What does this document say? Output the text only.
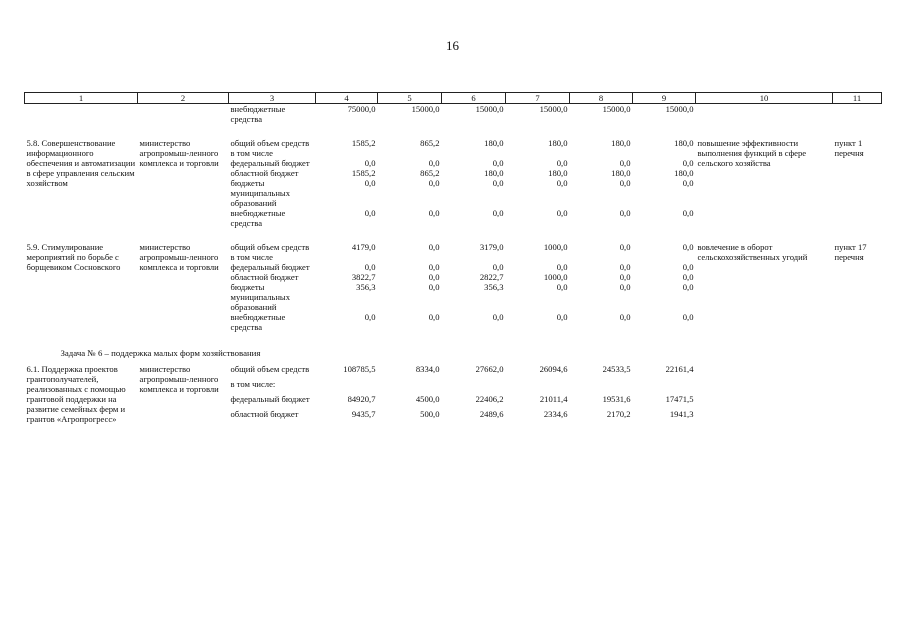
16
1	2	3	4	5	6	7	8	9	10	11
		внебюджетные средства	75000,0	15000,0	15000,0	15000,0	15000,0	15000,0		

5.8. Совершенствование информационного обеспечения и автоматизации в сфере управления сельским хозяйством	министерство агропромыш-ленного комплекса и торговли	общий объем средств	1585,2	865,2	180,0	180,0	180,0	180,0	повышение эффективности выполнения функций в сфере сельского хозяйства	пункт 1 перечня
		в том числе								
		федеральный бюджет	0,0	0,0	0,0	0,0	0,0	0,0		
		областной бюджет	1585,2	865,2	180,0	180,0	180,0	180,0		
		бюджеты муниципальных образований	0,0	0,0	0,0	0,0	0,0	0,0		
		внебюджетные средства	0,0	0,0	0,0	0,0	0,0	0,0		

5.9. Стимулирование мероприятий по борьбе с борщевиком Сосновского	министерство агропромыш-ленного комплекса и торговли	общий объем средств	4179,0	0,0	3179,0	1000,0	0,0	0,0	вовлечение в оборот сельскохозяйственных угодий	пункт 17 перечня
		в том числе								
		федеральный бюджет	0,0	0,0	0,0	0,0	0,0	0,0		
		областной бюджет	3822,7	0,0	2822,7	1000,0	0,0	0,0		
		бюджеты муниципальных образований	356,3	0,0	356,3	0,0	0,0	0,0		
		внебюджетные средства	0,0	0,0	0,0	0,0	0,0	0,0		

Задача № 6 – поддержка малых форм хозяйствования										
6.1. Поддержка проектов грантополучателей, реализованных с помощью грантовой поддержки на развитие семейных ферм и грантов «Агропрогресс»	министерство агропромыш-ленного комплекса и торговли	общий объем средств	108785,5	8334,0	27662,0	26094,6	24533,5	22161,4		
		в том числе:								
		федеральный бюджет	84920,7	4500,0	22406,2	21011,4	19531,6	17471,5		
		областной бюджет	9435,7	500,0	2489,6	2334,6	2170,2	1941,3		
